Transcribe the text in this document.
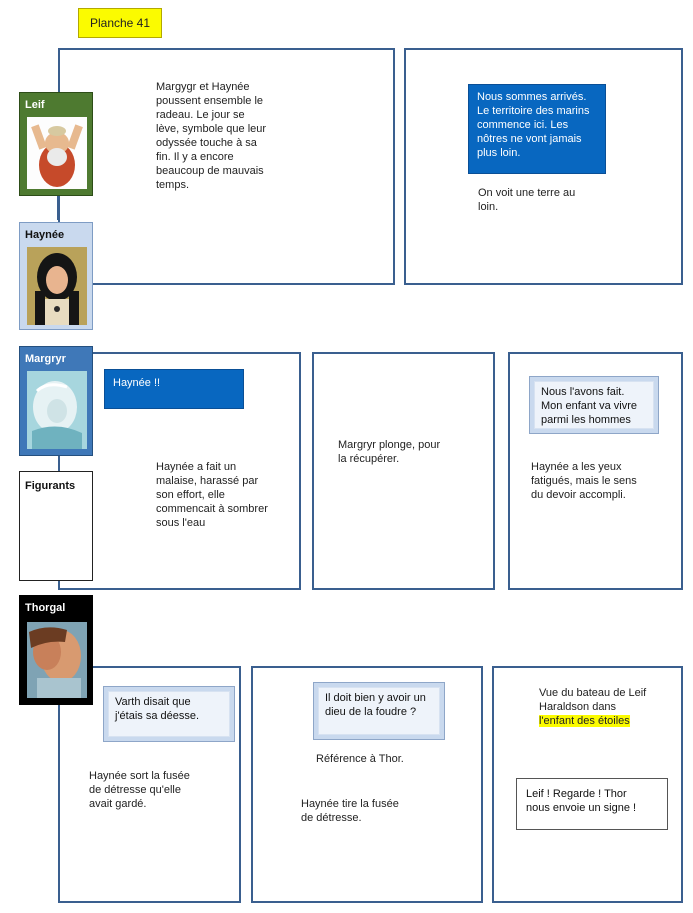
Planche 41
Margygr et Haynée
poussent ensemble le
radeau. Le jour se
lève, symbole que leur
odyssée touche à sa
fin. Il y a encore
beaucoup de mauvais
temps.
Nous sommes arrivés.
Le territoire des marins
commence ici. Les
nôtres ne vont jamais
plus loin.
On voit une terre au
loin.
Leif
Haynée
Haynée !!
Haynée a fait un
malaise, harassé par
son effort, elle
commencait à sombrer
sous l'eau
Margryr plonge, pour
la récupérer.
Nous l'avons fait.
Mon enfant va vivre
parmi les hommes
Haynée a les yeux
fatigués, mais le sens
du devoir accompli.
Margryr
Figurants
Varth disait que
j'étais sa déesse.
Haynée sort la fusée
de détresse qu'elle
avait gardé.
Il doit bien y avoir un
dieu de la foudre ?
Référence à Thor.
Haynée tire la fusée
de détresse.
Vue du bateau de Leif
Haraldson dans
l'enfant des étoiles
Leif ! Regarde ! Thor
nous envoie un signe !
Thorgal
